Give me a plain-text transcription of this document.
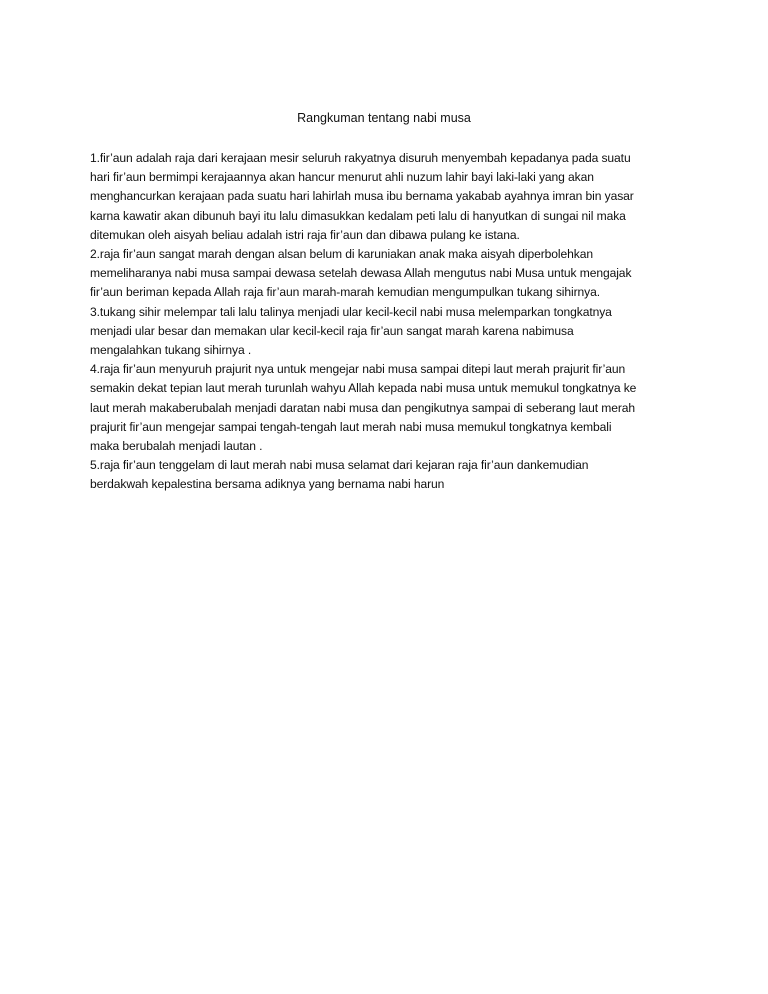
Rangkuman tentang nabi musa

1.fir’aun adalah raja dari kerajaan mesir seluruh rakyatnya disuruh menyembah kepadanya pada suatu
hari fir’aun bermimpi kerajaannya akan hancur menurut ahli nuzum lahir bayi laki-laki yang akan
menghancurkan kerajaan pada suatu hari lahirlah musa ibu bernama yakabab ayahnya imran bin yasar
karna kawatir akan dibunuh bayi itu lalu dimasukkan kedalam peti lalu di hanyutkan di sungai nil maka
ditemukan oleh aisyah beliau adalah istri raja fir’aun dan dibawa pulang ke istana.

2.raja fir’aun sangat marah dengan alsan belum di karuniakan anak maka aisyah diperbolehkan
memeliharanya nabi musa sampai dewasa setelah dewasa Allah mengutus nabi Musa untuk mengajak
fir’aun beriman kepada Allah raja fir’aun marah-marah kemudian mengumpulkan tukang sihirnya.

3.tukang sihir melempar tali lalu talinya menjadi ular kecil-kecil nabi musa melemparkan tongkatnya
menjadi ular besar dan memakan ular kecil-kecil raja fir’aun sangat marah karena nabimusa
mengalahkan tukang sihirnya .

4.raja fir’aun menyuruh prajurit nya untuk mengejar nabi musa sampai ditepi laut merah prajurit fir’aun
semakin dekat tepian laut merah turunlah wahyu Allah kepada nabi musa untuk memukul tongkatnya ke
laut merah makaberubalah menjadi daratan nabi musa dan pengikutnya sampai di seberang laut merah
prajurit fir’aun mengejar sampai tengah-tengah laut merah nabi musa memukul tongkatnya kembali
maka berubalah menjadi lautan .

5.raja fir’aun tenggelam di laut merah nabi musa selamat dari kejaran raja fir’aun dankemudian
berdakwah kepalestina bersama adiknya yang bernama nabi harun
